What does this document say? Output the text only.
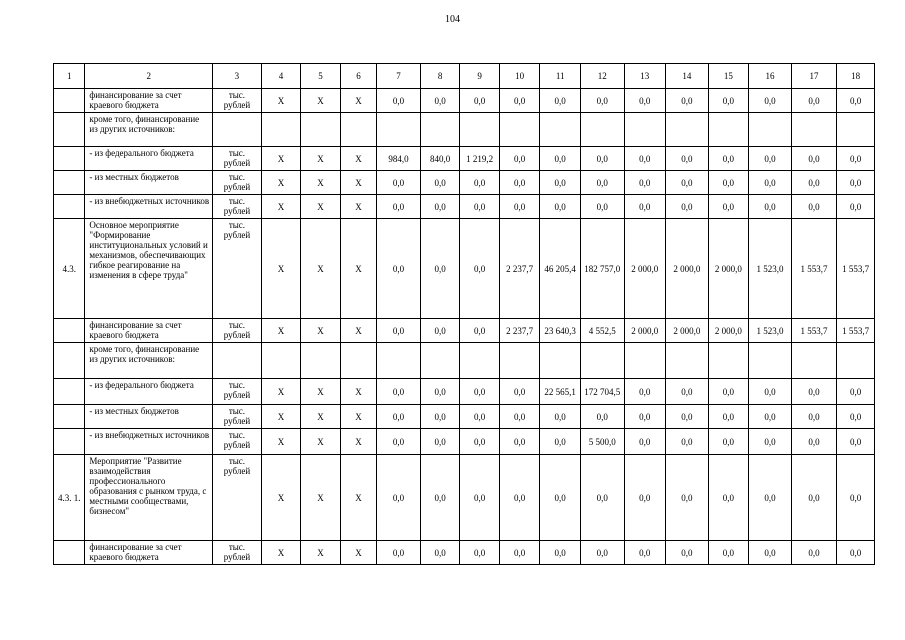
104
1	2	3	4	5	6	7	8	9	10	11	12	13	14	15	16	17	18
	финансирование за счет краевого бюджета	тыс. рублей	Х	Х	Х	0,0	0,0	0,0	0,0	0,0	0,0	0,0	0,0	0,0	0,0	0,0	0,0
	кроме того, финансирование из других источников:																
	- из федерального бюджета	тыс. рублей	Х	Х	Х	984,0	840,0	1 219,2	0,0	0,0	0,0	0,0	0,0	0,0	0,0	0,0	0,0
	- из местных бюджетов	тыс. рублей	Х	Х	Х	0,0	0,0	0,0	0,0	0,0	0,0	0,0	0,0	0,0	0,0	0,0	0,0
	- из внебюджетных источников	тыс. рублей	Х	Х	Х	0,0	0,0	0,0	0,0	0,0	0,0	0,0	0,0	0,0	0,0	0,0	0,0
4.3.	Основное мероприятие "Формирование институциональных условий и механизмов, обеспечивающих гибкое реагирование на изменения в сфере труда"	тыс. рублей	Х	Х	Х	0,0	0,0	0,0	2 237,7	46 205,4	182 757,0	2 000,0	2 000,0	2 000,0	1 523,0	1 553,7	1 553,7
	финансирование за счет краевого бюджета	тыс. рублей	Х	Х	Х	0,0	0,0	0,0	2 237,7	23 640,3	4 552,5	2 000,0	2 000,0	2 000,0	1 523,0	1 553,7	1 553,7
	кроме того, финансирование из других источников:																
	- из федерального бюджета	тыс. рублей	Х	Х	Х	0,0	0,0	0,0	0,0	22 565,1	172 704,5	0,0	0,0	0,0	0,0	0,0	0,0
	- из местных бюджетов	тыс. рублей	Х	Х	Х	0,0	0,0	0,0	0,0	0,0	0,0	0,0	0,0	0,0	0,0	0,0	0,0
	- из внебюджетных источников	тыс. рублей	Х	Х	Х	0,0	0,0	0,0	0,0	0,0	5 500,0	0,0	0,0	0,0	0,0	0,0	0,0
4.3. 1.	Мероприятие "Развитие взаимодействия профессионального образования с рынком труда, с местными сообществами, бизнесом"	тыс. рублей	Х	Х	Х	0,0	0,0	0,0	0,0	0,0	0,0	0,0	0,0	0,0	0,0	0,0	0,0
	финансирование за счет краевого бюджета	тыс. рублей	Х	Х	Х	0,0	0,0	0,0	0,0	0,0	0,0	0,0	0,0	0,0	0,0	0,0	0,0
